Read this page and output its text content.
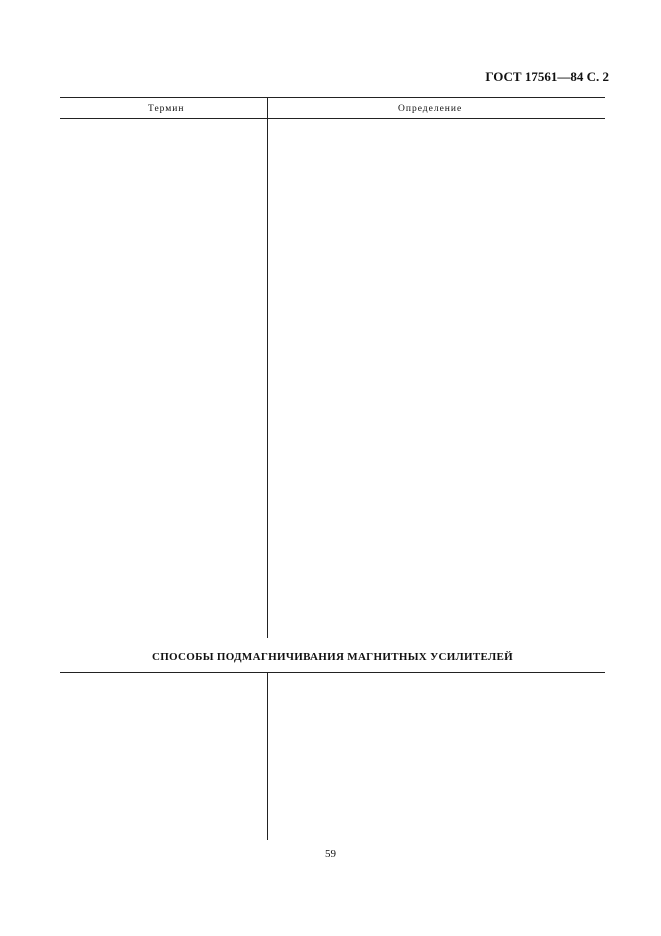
ГОСТ 17561—84 С. 2
Термин	Определение
СПОСОБЫ ПОДМАГНИЧИВАНИЯ МАГНИТНЫХ УСИЛИТЕЛЕЙ
59
